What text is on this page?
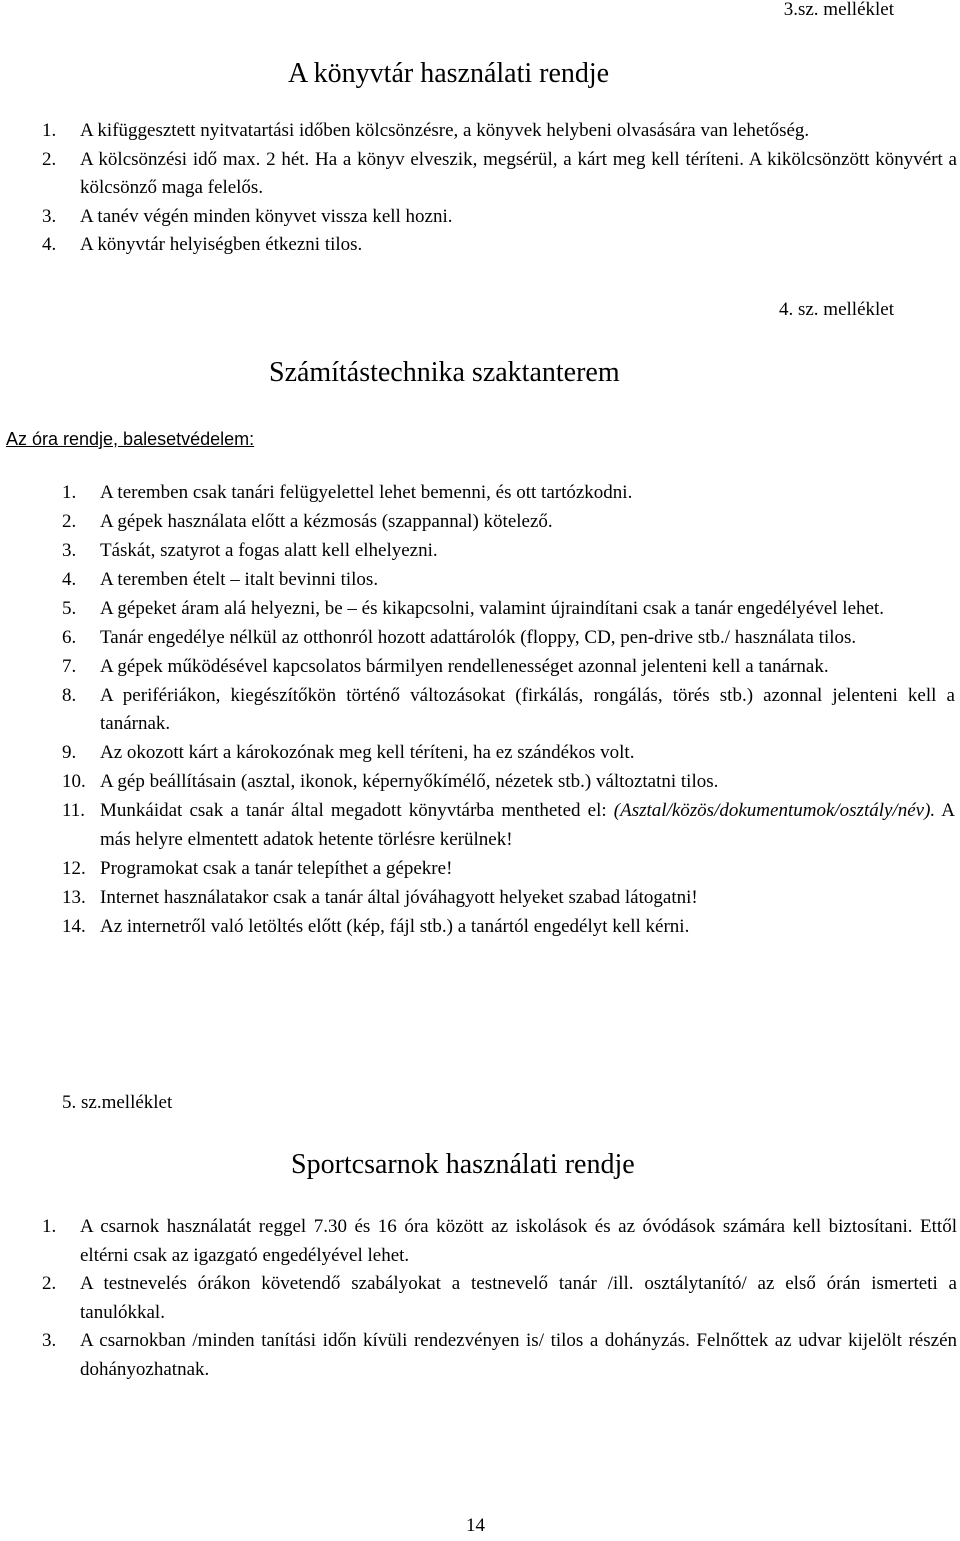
3.sz. melléklet
A könyvtár használati rendje
1. A kifüggesztett nyitvatartási időben kölcsönzésre, a könyvek helybeni olvasására van lehetőség.
2. A kölcsönzési idő max. 2 hét. Ha a könyv elveszik, megsérül, a kárt meg kell téríteni. A kikölcsönzött könyvért a kölcsönző maga felelős.
3. A tanév végén minden könyvet vissza kell hozni.
4. A könyvtár helyiségben étkezni tilos.
4. sz. melléklet
Számítástechnika szaktanterem
Az óra rendje, balesetvédelem:
1. A teremben csak tanári felügyelettel lehet bemenni, és ott tartózkodni.
2. A gépek használata előtt a kézmosás (szappannal) kötelező.
3. Táskát, szatyrot a fogas alatt kell elhelyezni.
4. A teremben ételt – italt bevinni tilos.
5. A gépeket áram alá helyezni, be – és kikapcsolni, valamint újraindítani csak a tanár engedélyével lehet.
6. Tanár engedélye nélkül az otthonról hozott adattárolók (floppy, CD, pen-drive stb./ használata tilos.
7. A gépek működésével kapcsolatos bármilyen rendellenességet azonnal jelenteni kell a tanárnak.
8. A perifériákon, kiegészítőkön történő változásokat (firkálás, rongálás, törés stb.) azonnal jelenteni kell a tanárnak.
9. Az okozott kárt a károkozónak meg kell téríteni, ha ez szándékos volt.
10. A gép beállításain (asztal, ikonok, képernyőkímélő, nézetek stb.) változtatni tilos.
11. Munkáidat csak a tanár által megadott könyvtárba mentheted el: (Asztal/közös/dokumentumok/osztály/név). A más helyre elmentett adatok hetente törlésre kerülnek!
12. Programokat csak a tanár telepíthet a gépekre!
13. Internet használatakor csak a tanár által jóváhagyott helyeket szabad látogatni!
14. Az internetről való letöltés előtt (kép, fájl stb.) a tanártól engedélyt kell kérni.
5. sz.melléklet
Sportcsarnok használati rendje
1. A csarnok használatát reggel 7.30 és 16 óra között az iskolások és az óvódások számára kell biztosítani. Ettől eltérni csak az igazgató engedélyével lehet.
2. A testnevelés órákon követendő szabályokat a testnevelő tanár /ill. osztálytanító/ az első órán ismerteti a tanulókkal.
3. A csarnokban /minden tanítási időn kívüli rendezvényen is/ tilos a dohányzás. Felnőttek az udvar kijelölt részén dohányozhatnak.
14
